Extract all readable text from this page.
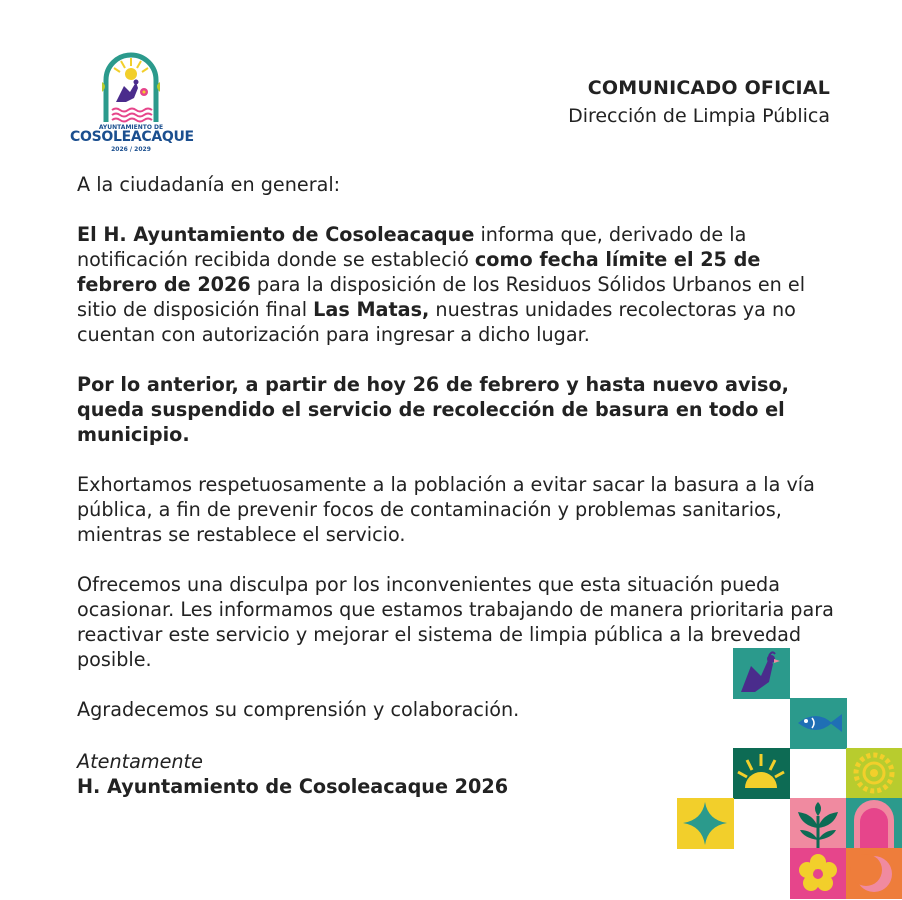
AYUNTAMIENTO DE
COSOLEACAQUE
2026 / 2029
COMUNICADO OFICIAL
Dirección de Limpia Pública

A la ciudadanía en general:

El H. Ayuntamiento de Cosoleacaque informa que, derivado de la notificación recibida donde se estableció como fecha límite el 25 de febrero de 2026 para la disposición de los Residuos Sólidos Urbanos en el sitio de disposición final Las Matas, nuestras unidades recolectoras ya no cuentan con autorización para ingresar a dicho lugar.

Por lo anterior, a partir de hoy 26 de febrero y hasta nuevo aviso, queda suspendido el servicio de recolección de basura en todo el municipio.

Exhortamos respetuosamente a la población a evitar sacar la basura a la vía pública, a fin de prevenir focos de contaminación y problemas sanitarios, mientras se restablece el servicio.

Ofrecemos una disculpa por los inconvenientes que esta situación pueda ocasionar. Les informamos que estamos trabajando de manera prioritaria para reactivar este servicio y mejorar el sistema de limpia pública a la brevedad posible.

Agradecemos su comprensión y colaboración.

Atentamente

H. Ayuntamiento de Cosoleacaque 2026
